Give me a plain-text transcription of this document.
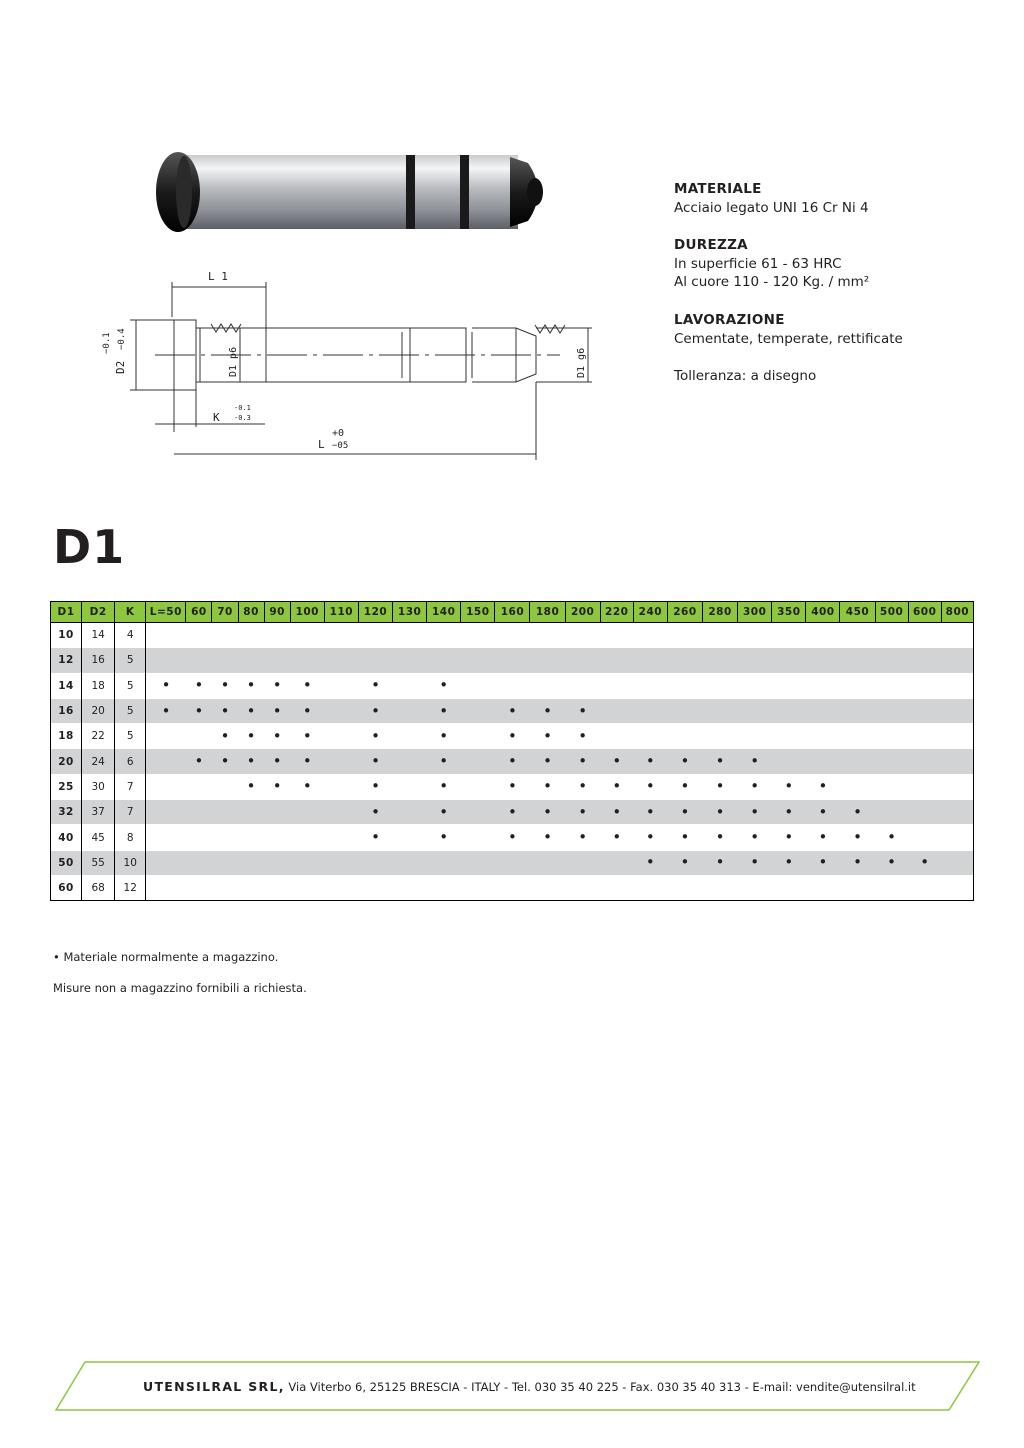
L 1
D2
−0.4
−0.1
D1 p6	D1 g6
K
-0.1
-0.3
+0
L −05
MATERIALE
Acciaio legato UNI 16 Cr Ni 4
DUREZZA
In superficie 61 - 63 HRC
Al cuore 110 - 120 Kg. / mm²
LAVORAZIONE
Cementate, temperate, rettificate
Tolleranza: a disegno
D1
D1	D2	K	L=50	60	70	80	90	100	110	120	130	140	150	160	180	200	220	240	260	280	300	350	400	450	500	600	800
10	14	4																									
12	16	5																									
14	18	5	•	•	•	•	•	•		•		•															
16	20	5	•	•	•	•	•	•		•		•		•	•	•											
18	22	5			•	•	•	•		•		•		•	•	•											
20	24	6		•	•	•	•	•		•		•		•	•	•	•	•	•	•	•						
25	30	7				•	•	•		•		•		•	•	•	•	•	•	•	•	•	•				
32	37	7								•		•		•	•	•	•	•	•	•	•	•	•	•			
40	45	8								•		•		•	•	•	•	•	•	•	•	•	•	•	•		
50	55	10																•	•	•	•	•	•	•	•	•	
60	68	12																									
• Materiale normalmente a magazzino.
Misure non a magazzino fornibili a richiesta.
UTENSILRAL SRL, Via Viterbo 6, 25125 BRESCIA - ITALY - Tel. 030 35 40 225 - Fax. 030 35 40 313 - E-mail: vendite@utensilral.it
